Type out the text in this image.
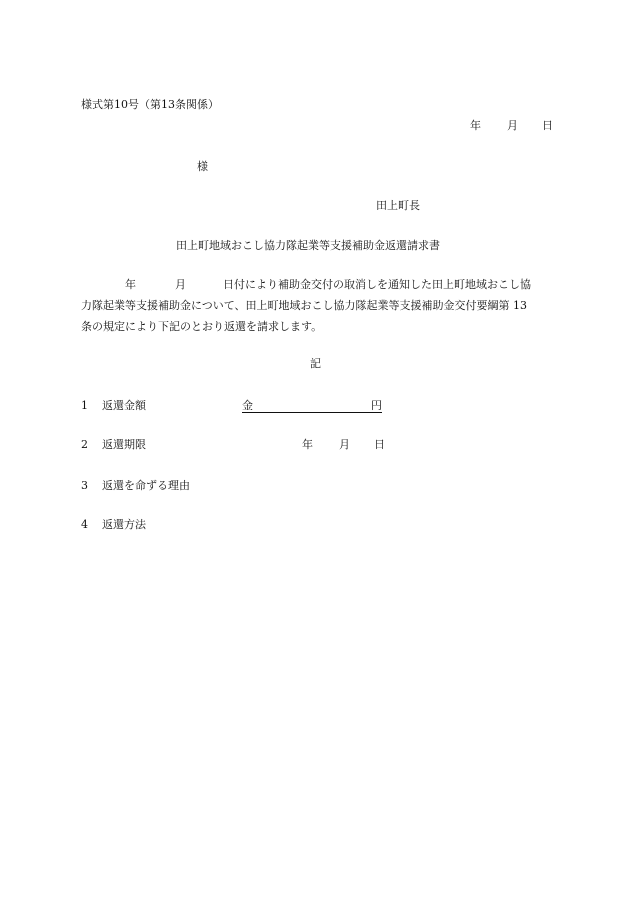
様式第10号（第13条関係）
年 月 日
様
田上町長
田上町地域おこし協力隊起業等支援補助金返還請求書
年	月	日付により補助金交付の取消しを通知した田上町地域おこし協
力隊起業等支援補助金について、田上町地域おこし協力隊起業等支援補助金交付要綱第 13
条の規定により下記のとおり返還を請求します。
記
1 返還金額	金	円
2 返還期限	年 月 日
3 返還を命ずる理由
4 返還方法
